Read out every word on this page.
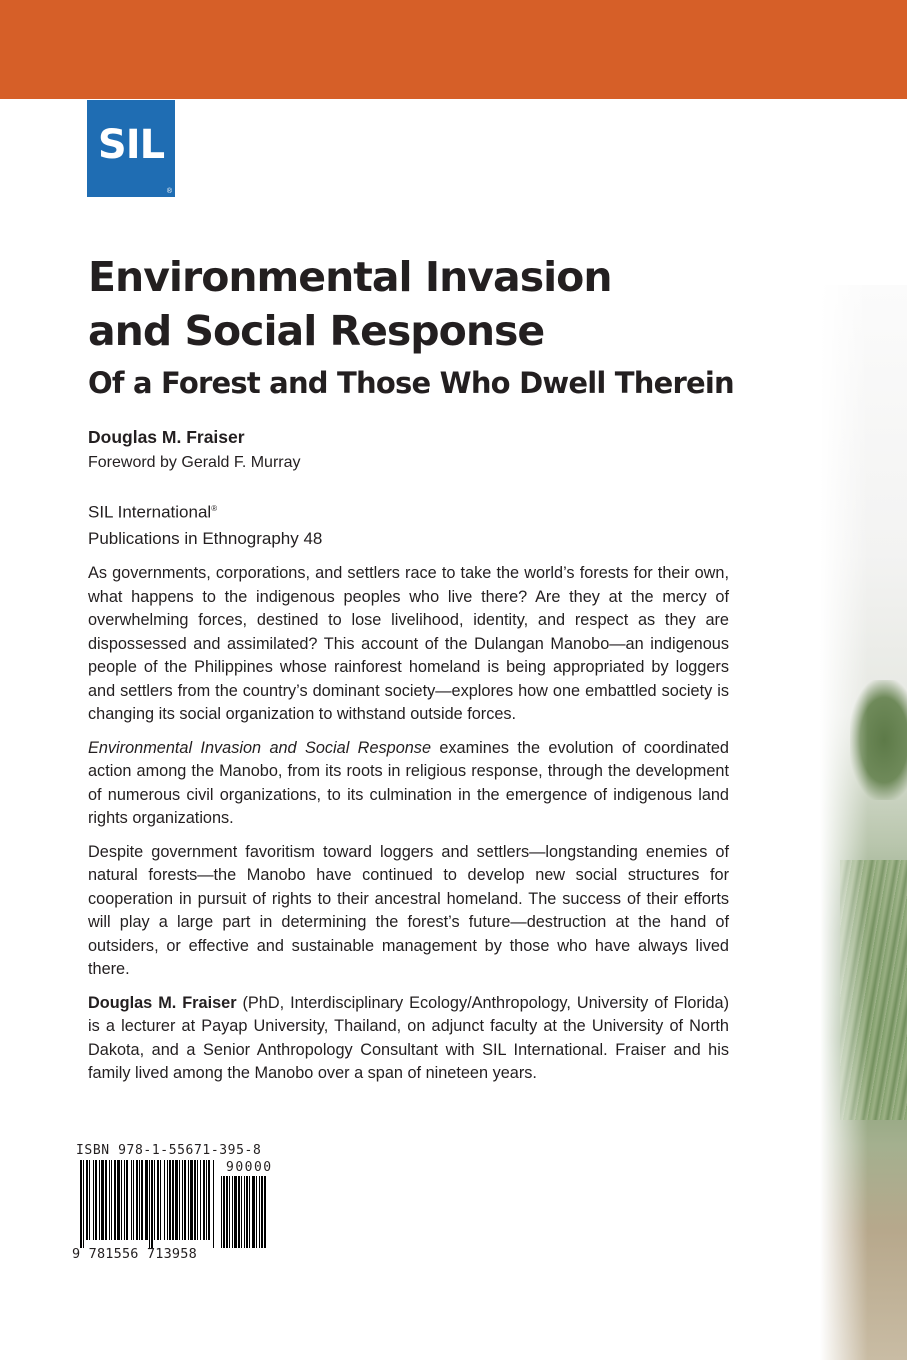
SIL
®
Environmental Invasion
and Social Response
Of a Forest and Those Who Dwell Therein
Douglas M. Fraiser
Foreword by Gerald F. Murray
SIL International®
Publications in Ethnography 48

As governments, corporations, and settlers race to take the world’s forests for their own, what happens to the indigenous peoples who live there? Are they at the mercy of overwhelming forces, destined to lose livelihood, identity, and respect as they are dispossessed and assimilated? This account of the Dulangan Manobo—an indigenous people of the Philippines whose rainforest homeland is being appropriated by loggers and settlers from the country’s dominant society—explores how one embattled society is changing its social organization to withstand outside forces.

Environmental Invasion and Social Response examines the evolution of coordinated action among the Manobo, from its roots in religious response, through the development of numerous civil organizations, to its culmination in the emergence of indigenous land rights organizations.

Despite government favoritism toward loggers and settlers—longstanding enemies of natural forests—the Manobo have continued to develop new social structures for cooperation in pursuit of rights to their ancestral homeland. The success of their efforts will play a large part in determining the forest’s future—destruction at the hand of outsiders, or effective and sustainable management by those who have always lived there.

Douglas M. Fraiser (PhD, Interdisciplinary Ecology/Anthropology, University of Florida) is a lecturer at Payap University, Thailand, on adjunct faculty at the University of North Dakota, and a Senior Anthropology Consultant with SIL International. Fraiser and his family lived among the Manobo over a span of nineteen years.

ISBN 978-1-55671-395-8
90000
9 781556 713958
